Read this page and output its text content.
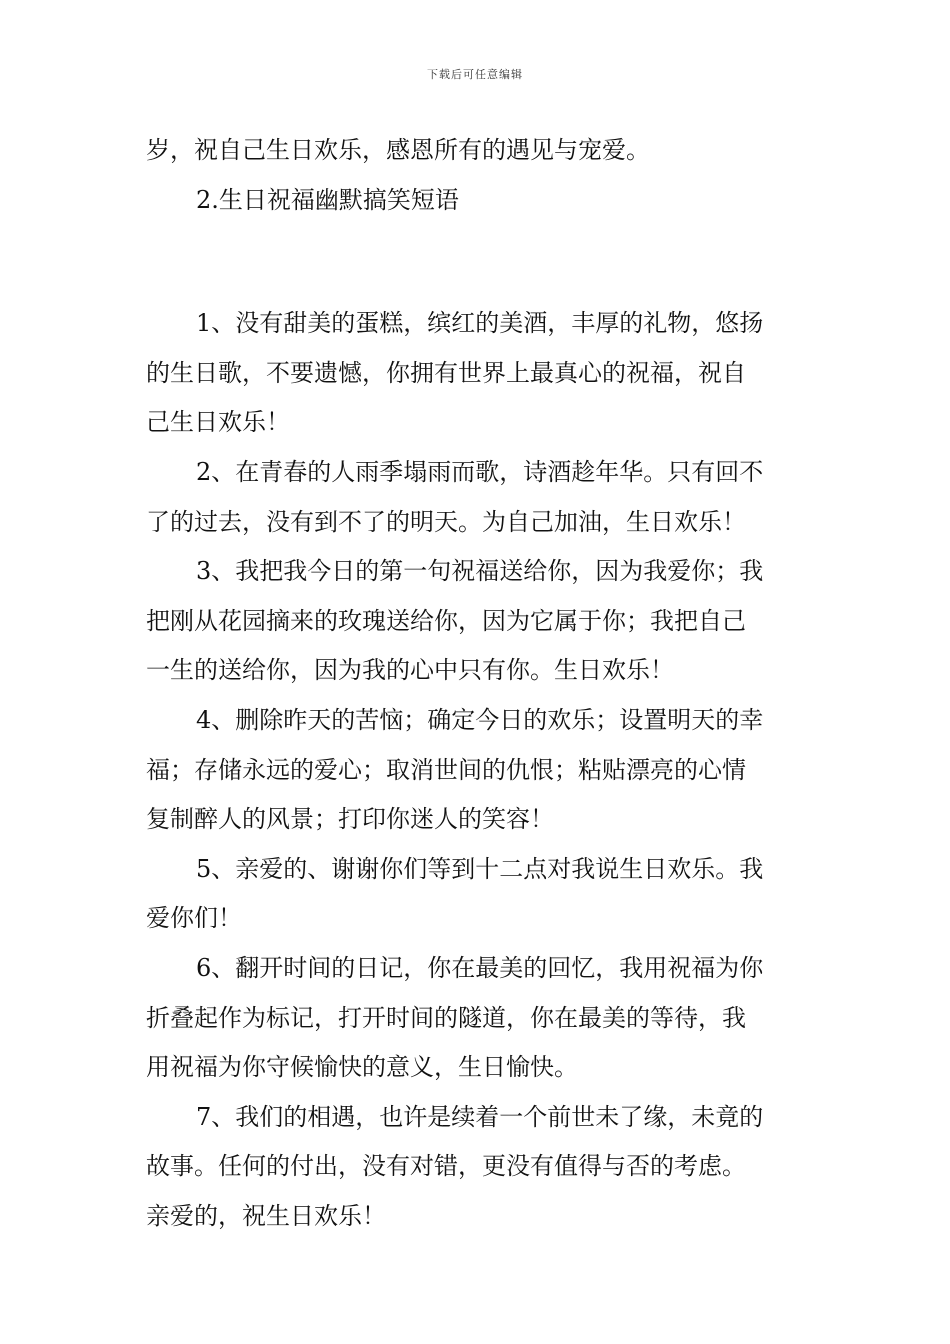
下载后可任意编辑

岁，祝自己生日欢乐，感恩所有的遇见与宠爱。

2.生日祝福幽默搞笑短语

1、没有甜美的蛋糕，缤红的美酒，丰厚的礼物，悠扬
的生日歌，不要遗憾，你拥有世界上最真心的祝福，祝自
己生日欢乐！
2、在青春的人雨季塌雨而歌，诗酒趁年华。只有回不
了的过去，没有到不了的明天。为自己加油，生日欢乐！
3、我把我今日的第一句祝福送给你，因为我爱你；我
把刚从花园摘来的玫瑰送给你，因为它属于你；我把自己
一生的送给你，因为我的心中只有你。生日欢乐！
4、删除昨天的苦恼；确定今日的欢乐；设置明天的幸
福；存储永远的爱心；取消世间的仇恨；粘贴漂亮的心情
复制醉人的风景；打印你迷人的笑容！
5、亲爱的、谢谢你们等到十二点对我说生日欢乐。我
爱你们！
6、翻开时间的日记，你在最美的回忆，我用祝福为你
折叠起作为标记，打开时间的隧道，你在最美的等待，我
用祝福为你守候愉快的意义，生日愉快。
7、我们的相遇，也许是续着一个前世未了缘，未竟的
故事。任何的付出，没有对错，更没有值得与否的考虑。
亲爱的，祝生日欢乐！
